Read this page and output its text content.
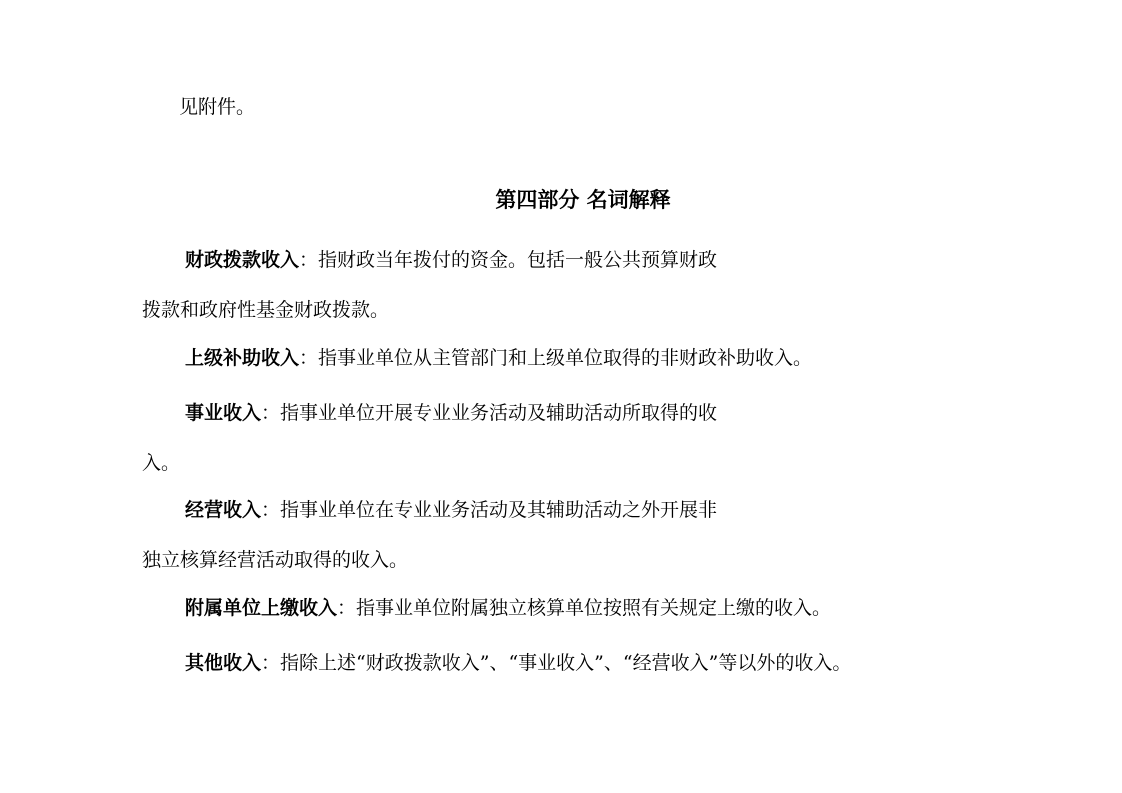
见附件。
第四部分 名词解释
财政拨款收入：指财政当年拨付的资金。包括一般公共预算财政
拨款和政府性基金财政拨款。
上级补助收入：指事业单位从主管部门和上级单位取得的非财政补助收入。
事业收入：指事业单位开展专业业务活动及辅助活动所取得的收
入。
经营收入：指事业单位在专业业务活动及其辅助活动之外开展非
独立核算经营活动取得的收入。
附属单位上缴收入：指事业单位附属独立核算单位按照有关规定上缴的收入。
其他收入：指除上述“财政拨款收入”、“事业收入”、“经营收入”等以外的收入。
